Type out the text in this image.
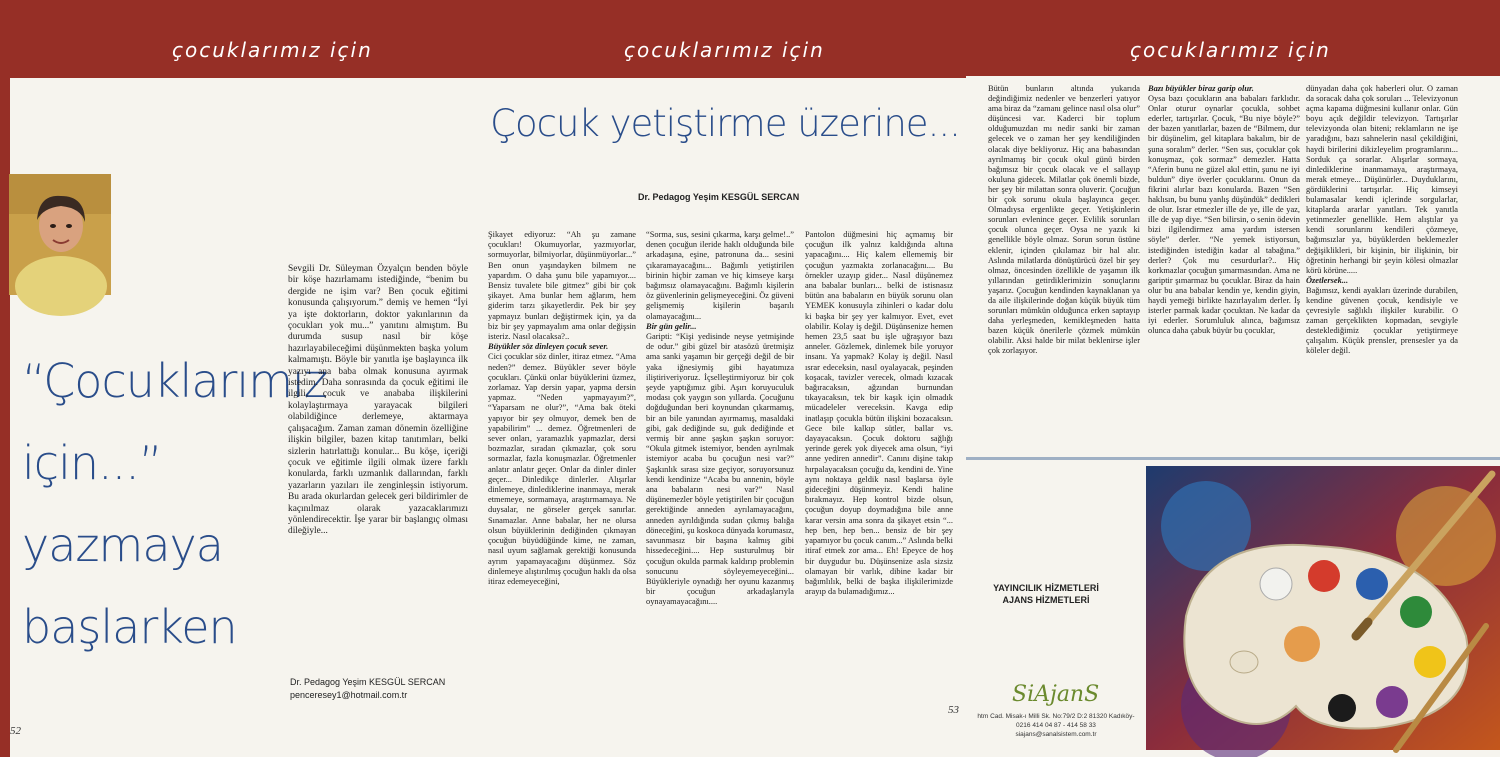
çocuklarımız için
“Çocuklarımız
için...”
yazmaya
başlarken

Sevgili Dr. Süleyman Özyalçın benden böyle bir köşe hazırlamamı istediğinde, “benim bu dergide ne işim var? Ben çocuk eğitimi konusunda çalışıyorum.” demiş ve hemen “İyi ya işte doktorların, doktor yakınlarının da çocukları yok mu...” yanıtını almıştım. Bu durumda susup nasıl bir köşe hazırlayabileceğimi düşünmekten başka yolum kalmamıştı. Böyle bir yanıtla işe başlayınca ilk yazıyı ana baba olmak konusuna ayırmak istedim. Daha sonrasında da çocuk eğitimi ile ilgili, çocuk ve anababa ilişkilerini kolaylaştırmaya yarayacak bilgileri olabildiğince derlemeye, aktarmaya çalışacağım. Zaman zaman dönemin özelliğine ilişkin bilgiler, bazen kitap tanıtımları, belki sizlerin hatırlattığı konular... Bu köşe, içeriği çocuk ve eğitimle ilgili olmak üzere farklı konularda, farklı uzmanlık dallarından, farklı yazarların yazıları ile zenginleşsin istiyorum. Bu arada okurlardan gelecek geri bildirimler de kaçınılmaz olarak yazacaklarımızı yönlendirecektir. İşe yarar bir başlangıç olması dileğiyle...

Dr. Pedagog Yeşim KESGÜL SERCAN
penceresey1@hotmail.com.tr
52
çocuklarımız için
Çocuk yetiştirme üzerine...
Dr. Pedagog Yeşim KESGÜL SERCAN

Şikayet ediyoruz: “Ah şu zamane çocukları! Okumuyorlar, yazmıyorlar, sormuyorlar, bilmiyorlar, düşünmüyorlar...” Ben onun yaşındayken bilmem ne yapardım. O daha şunu bile yapamıyor.... Bensiz tuvalete bile gitmez” gibi bir çok şikayet. Ama bunlar hem ağlarım, hem giderim tarzı şikayetlerdir. Pek bir şey yapmayız bunları değiştirmek için, ya da biz bir şey yapmayalım ama onlar değişsin isteriz. Nasıl olacaksa?..

Büyükler söz dinleyen çocuk sever.

Cici çocuklar söz dinler, itiraz etmez. “Ama neden?” demez. Büyükler sever böyle çocukları. Çünkü onlar büyüklerini üzmez, zorlamaz. Yap dersin yapar, yapma dersin yapmaz. “Neden yapmayayım?”, “Yaparsam ne olur?”, “Ama bak öteki yapıyor bir şey olmuyor, demek ben de yapabilirim” ... demez. Öğretmenleri de sever onları, yaramazlık yapmazlar, dersi bozmazlar, sıradan çıkmazlar, çok soru sormazlar, fazla konuşmazlar. Öğretmenler anlatır anlatır geçer. Onlar da dinler dinler geçer... Dinledikçe dinlerler. Alışırlar dinlemeye, dinlediklerine inanmaya, merak etmemeye, sormamaya, araştırmamaya. Ne duysalar, ne görseler gerçek sanırlar. Sınamazlar. Anne babalar, her ne olursa olsun büyüklerinin dediğinden çıkmayan çocuğun büyüdüğünde kime, ne zaman, nasıl uyum sağlamak gerektiği konusunda ayrım yapamayacağını düşünmez. Söz dinlemeye alıştırılmış çocuğun haklı da olsa itiraz edemeyeceğini,

“Sorma, sus, sesini çıkarma, karşı gelme!..” denen çocuğun ileride haklı olduğunda bile arkadaşına, eşine, patronuna da... sesini çıkaramayacağını... Bağımlı yetiştirilen birinin hiçbir zaman ve hiç kimseye karşı bağımsız olamayacağını. Bağımlı kişilerin öz güvenlerinin gelişmeyeceğini. Öz güveni gelişmemiş kişilerin başarılı olamayacağını...

Bir gün gelir...

Garipti: “Kişi yedisinde neyse yetmişinde de odur.” gibi güzel bir atasözü üretmişiz ama sanki yaşamın bir gerçeği değil de bir yaka iğnesiymiş gibi hayatımıza iliştiriveriyoruz. İçselleştirmiyoruz bir çok şeyde yaptığımız gibi. Aşırı koruyuculuk modası çok yaygın son yıllarda. Çocuğunu doğduğundan beri koynundan çıkarmamış, bir an bile yanından ayırmamış, masaldaki gibi, gak dediğinde su, guk dediğinde et vermiş bir anne şaşkın şaşkın soruyor: “Okula gitmek istemiyor, benden ayrılmak istemiyor acaba bu çocuğun nesi var?” Şaşkınlık sırası size geçiyor, soruyorsunuz kendi kendinize “Acaba bu annenin, böyle ana babaların nesi var?” Nasıl düşünemezler böyle yetiştirilen bir çocuğun gerektiğinde anneden ayrılamayacağını, anneden ayrıldığında sudan çıkmış balığa döneceğini, şu koskoca dünyada korumasız, savunmasız bir başına kalmış gibi hissedeceğini.... Hep susturulmuş bir çocuğun okulda parmak kaldırıp problemin sonucunu söyleyemeyeceğini... Büyükleriyle oynadığı her oyunu kazanmış bir çocuğun arkadaşlarıyla oynayamayacağını....

Pantolon düğmesini hiç açmamış bir çocuğun ilk yalnız kaldığında altına yapacağını.... Hiç kalem ellememiş bir çocuğun yazmakta zorlanacağını.... Bu örnekler uzayıp gider... Nasıl düşünemez ana babalar bunları... belki de istisnasız bütün ana babaların en büyük sorunu olan YEMEK konusuyla zihinleri o kadar dolu ki başka bir şey yer kalmıyor. Evet, evet olabilir. Kolay iş değil. Düşünsenize hemen hemen 23,5 saat bu işle uğraşıyor bazı anneler. Gözlemek, dinlemek bile yoruyor insanı. Ya yapmak? Kolay iş değil. Nasıl ısrar edeceksin, nasıl oyalayacak, peşinden koşacak, tavizler verecek, olmadı kızacak bağıracaksın, ağzından burnundan tıkayacaksın, tek bir kaşık için olmadık mücadeleler vereceksin. Kavga edip inatlaşıp çocukla bütün ilişkini bozacaksın. Gece bile kalkıp sütler, ballar vs. dayayacaksın. Çocuk doktoru sağlığı yerinde gerek yok diyecek ama olsun, “iyi anne yediren annedir”. Canını dişine takıp hırpalayacaksın çocuğu da, kendini de. Yine aynı noktaya geldik nasıl başlarsa öyle gideceğini düşünmeyiz. Kendi haline bırakmayız. Hep kontrol bizde olsun, çocuğun doyup doymadığına bile anne karar versin ama sonra da şikayet etsin “... hep ben, hep ben... bensiz de bir şey yapamıyor bu çocuk canım...” Aslında belki itiraf etmek zor ama... Eh! Epeyce de hoş bir duygudur bu. Düşünsenize asla sizsiz olamayan bir varlık, dibine kadar bir bağımlılık, belki de başka ilişkilerimizde arayıp da bulamadığımız...

çocuklarımız için

Bütün bunların altında yukarıda değindiğimiz nedenler ve benzerleri yatıyor ama biraz da “zamanı gelince nasıl olsa olur” düşüncesi var. Kaderci bir toplum olduğumuzdan mı nedir sanki bir zaman gelecek ve o zaman her şey kendiliğinden olacak diye bekliyoruz. Hiç ana babasından ayrılmamış bir çocuk okul günü birden bağımsız bir çocuk olacak ve el sallayıp okuluna gidecek. Milatlar çok önemli bizde, her şey bir milattan sonra oluverir. Çocuğun bir çok sorunu okula başlayınca geçer. Olmadıysa ergenlikte geçer. Yetişkinlerin sorunları evlenince geçer. Evlilik sorunları çocuk olunca geçer. Oysa ne yazık ki genellikle böyle olmaz. Sorun sorun üstüne eklenir, içinden çıkılamaz bir hal alır. Aslında milatlarda dönüştürücü özel bir şey olmaz, öncesinden özellikle de yaşamın ilk yıllarından getirdiklerimizin sonuçlarını yaşarız. Çocuğun kendinden kaynaklanan ya da aile ilişkilerinde doğan küçük büyük tüm sorunları mümkün olduğunca erken saptayıp daha yerleşmeden, kemikleşmeden hatta bazen küçük önerilerle çözmek mümkün olabilir. Aksi halde bir milat beklenirse işler çok zorlaşıyor.

Bazı büyükler biraz garip olur.

Oysa bazı çocukların ana babaları farklıdır. Onlar oturur oynarlar çocukla, sohbet ederler, tartışırlar. Çocuk, “Bu niye böyle?” der bazen yanıtlarlar, bazen de “Bilmem, dur bir düşünelim, gel kitaplara bakalım, bir de şuna soralım” derler. “Sen sus, çocuklar çok konuşmaz, çok sormaz” demezler. Hatta “Aferin bunu ne güzel akıl ettin, şunu ne iyi buldun” diye överler çocuklarını. Onun da fikrini alırlar bazı konularda. Bazen “Sen haklısın, bu bunu yanlış düşündük” dedikleri de olur. Israr etmezler ille de ye, ille de yaz, ille de yap diye. “Sen bilirsin, o senin ödevin bizi ilgilendirmez ama yardım istersen söyle” derler. “Ne yemek istiyorsun, istediğinden istediğin kadar al tabağına.” derler? Çok mu cesurdurlar?.. Hiç korkmazlar çocuğun şımarmasından. Ama ne gariptir şımarmaz bu çocuklar. Biraz da hain olur bu ana babalar kendin ye, kendin giyin, haydi yemeği birlikte hazırlayalım derler. İş isterler parmak kadar çocuktan. Ne kadar da iyi ederler. Sorumluluk alınca, bağımsız olunca daha çabuk büyür bu çocuklar,

dünyadan daha çok haberleri olur. O zaman da soracak daha çok soruları ... Televizyonun açma kapama düğmesini kullanır onlar. Gün boyu açık değildir televizyon. Tartışırlar televizyonda olan biteni; reklamların ne işe yaradığını, bazı sahnelerin nasıl çekildiğini, haydi birilerini dikizleyelim programlarını... Sorduk ça sorarlar. Alışırlar sormaya, dinlediklerine inanmamaya, araştırmaya, merak etmeye... Düşünürler... Duyduklarını, gördüklerini tartışırlar. Hiç kimseyi bulamasalar kendi içlerinde sorgularlar, kitaplarda ararlar yanıtları. Tek yanıtla yetinmezler genellikle. Hem alıştılar ya kendi sorunlarını kendileri çözmeye, bağımsızlar ya, büyüklerden beklemezler değişiklikleri, bir kişinin, bir ilişkinin, bir öğretinin herhangi bir şeyin kölesi olmazlar körü körüne.....

Özetlersek...

Bağımsız, kendi ayakları üzerinde durabilen, kendine güvenen çocuk, kendisiyle ve çevresiyle sağlıklı ilişkiler kurabilir. O zaman gerçeklikten kopmadan, sevgiyle desteklediğimiz çocuklar yetiştirmeye çalışalım. Küçük prensler, prensesler ya da köleler değil.

YAYINCILIK HİZMETLERİ
AJANS HİZMETLERİ
SiAjanS
htm Cad. Misak-ı Milli Sk. No:79/2 D:2 81320 Kadıköy-
0216 414 04 87 - 414 58 33
siajans@sanalsistem.com.tr
53
